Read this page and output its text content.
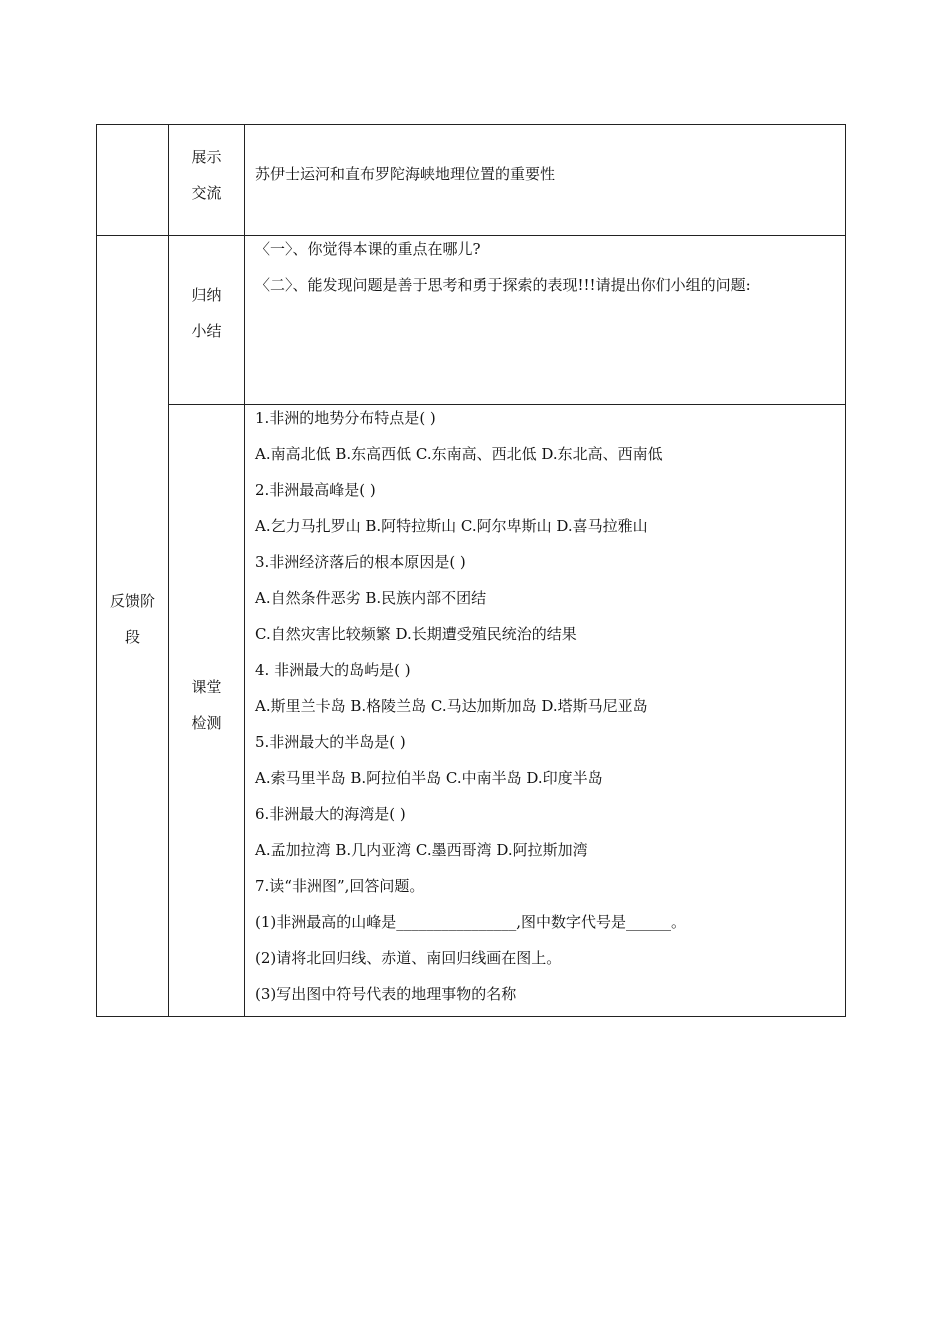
展示
交流
苏伊士运河和直布罗陀海峡地理位置的重要性
反馈阶
段
归纳
小结
〈一〉、你觉得本课的重点在哪儿?
〈二〉、能发现问题是善于思考和勇于探索的表现!!!请提出你们小组的问题:
课堂
检测
1.非洲的地势分布特点是( )
A.南高北低 B.东高西低 C.东南高、西北低 D.东北高、西南低
2.非洲最高峰是( )
A.乞力马扎罗山 B.阿特拉斯山 C.阿尔卑斯山 D.喜马拉雅山
3.非洲经济落后的根本原因是( )
A.自然条件恶劣 B.民族内部不团结
C.自然灾害比较频繁 D.长期遭受殖民统治的结果
4. 非洲最大的岛屿是( )
A.斯里兰卡岛 B.格陵兰岛 C.马达加斯加岛 D.塔斯马尼亚岛
5.非洲最大的半岛是( )
A.索马里半岛 B.阿拉伯半岛 C.中南半岛 D.印度半岛
6.非洲最大的海湾是( )
A.孟加拉湾 B.几内亚湾 C.墨西哥湾 D.阿拉斯加湾
7.读“非洲图”,回答问题。
(1)非洲最高的山峰是________________,图中数字代号是______。
(2)请将北回归线、赤道、南回归线画在图上。
(3)写出图中符号代表的地理事物的名称
